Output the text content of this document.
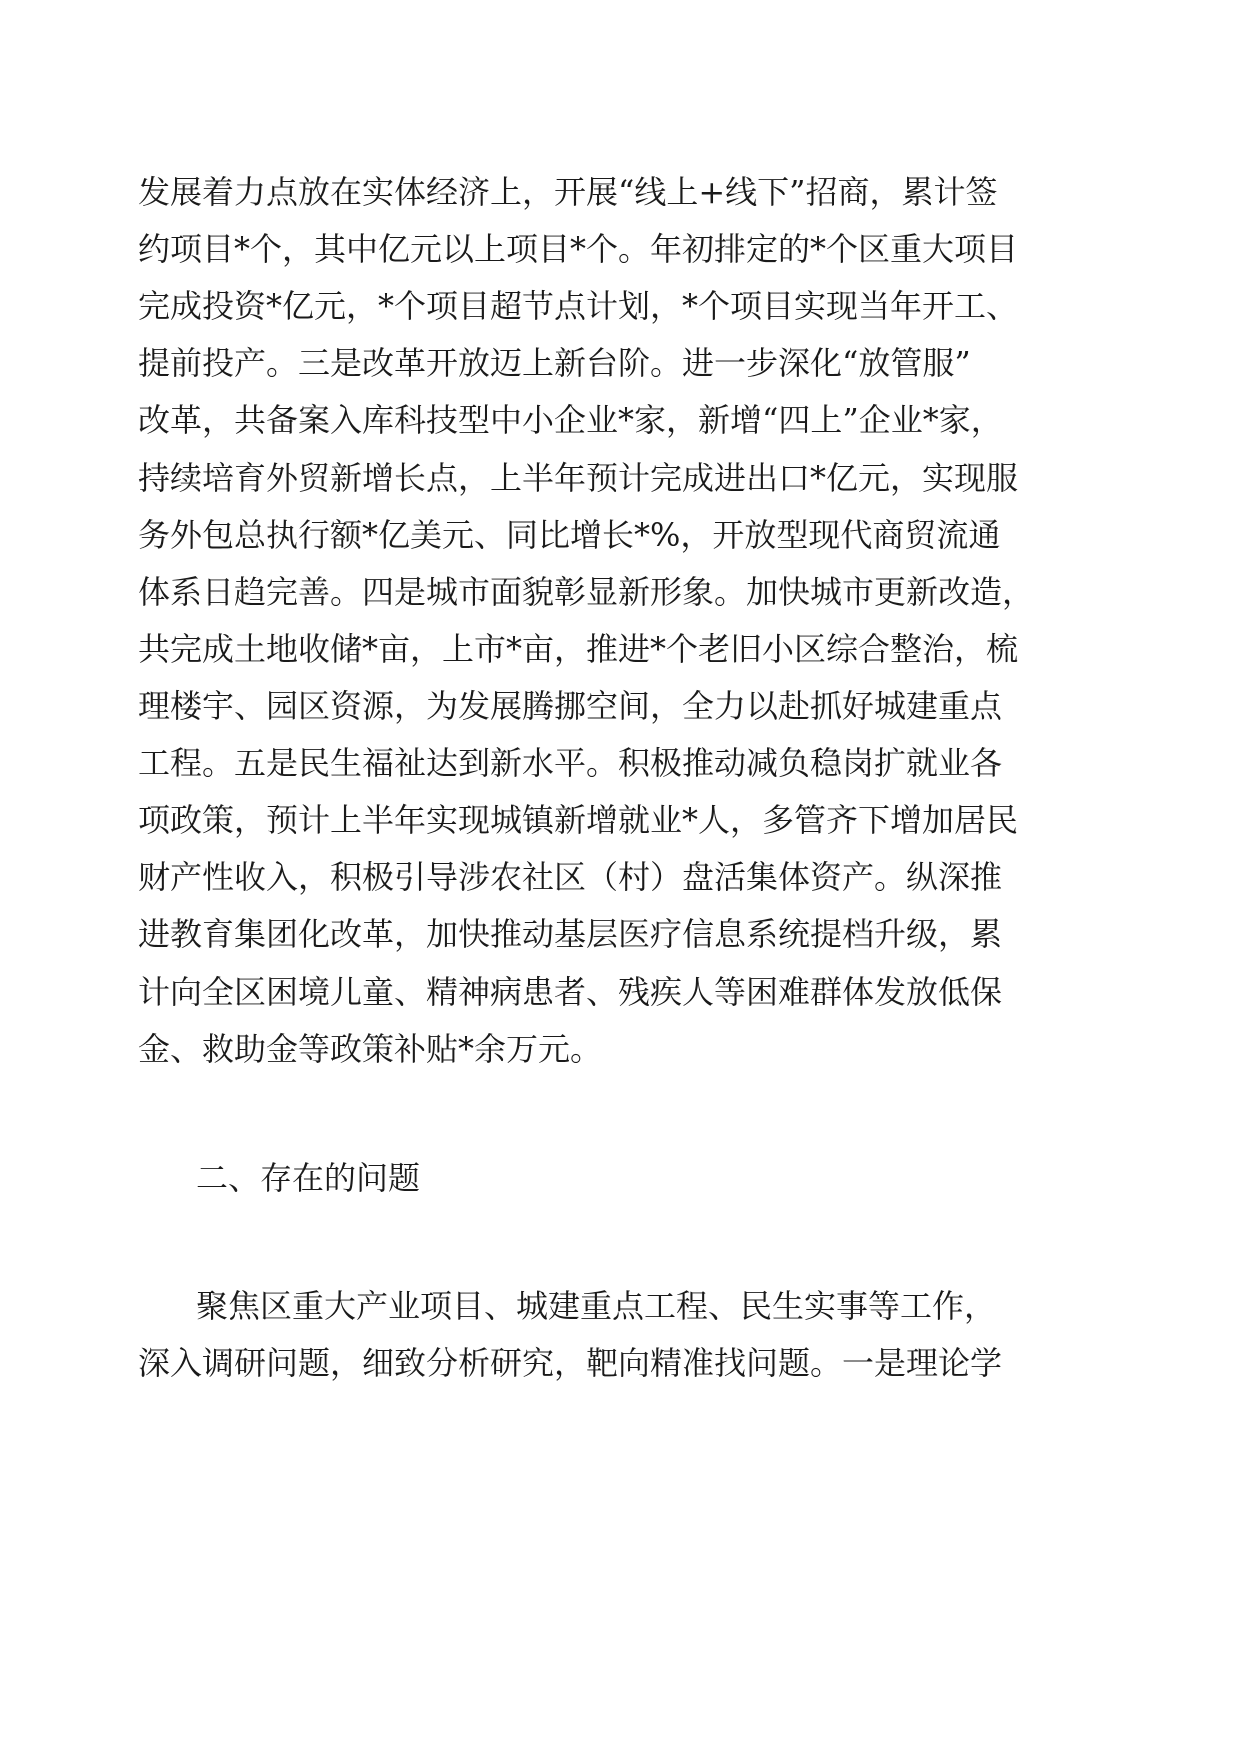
发展着力点放在实体经济上，开展“线上+线下”招商，累计签

约项目*个，其中亿元以上项目*个。年初排定的*个区重大项目

完成投资*亿元，*个项目超节点计划，*个项目实现当年开工、

提前投产。三是改革开放迈上新台阶。进一步深化“放管服”

改革，共备案入库科技型中小企业*家，新增“四上”企业*家，

持续培育外贸新增长点，上半年预计完成进出口*亿元，实现服

务外包总执行额*亿美元、同比增长*%，开放型现代商贸流通

体系日趋完善。四是城市面貌彰显新形象。加快城市更新改造，

共完成土地收储*亩，上市*亩，推进*个老旧小区综合整治，梳

理楼宇、园区资源，为发展腾挪空间，全力以赴抓好城建重点

工程。五是民生福祉达到新水平。积极推动减负稳岗扩就业各

项政策，预计上半年实现城镇新增就业*人，多管齐下增加居民

财产性收入，积极引导涉农社区（村）盘活集体资产。纵深推

进教育集团化改革，加快推动基层医疗信息系统提档升级，累

计向全区困境儿童、精神病患者、残疾人等困难群体发放低保

金、救助金等政策补贴*余万元。

二、存在的问题

聚焦区重大产业项目、城建重点工程、民生实事等工作，

深入调研问题，细致分析研究，靶向精准找问题。一是理论学
